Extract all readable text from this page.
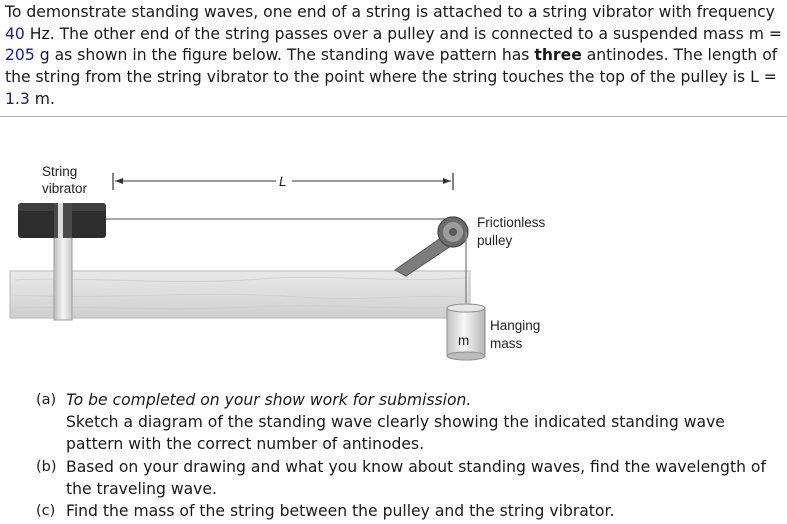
To demonstrate standing waves, one end of a string is attached to a string vibrator with frequency 40 Hz. The other end of the string passes over a pulley and is connected to a suspended mass m = 205 g as shown in the figure below. The standing wave pattern has three antinodes. The length of the string from the string vibrator to the point where the string touches the top of the pulley is L = 1.3 m.

m
L
String
vibrator
Frictionless
pulley
Hanging
mass
(a) To be completed on your show work for submission.
Sketch a diagram of the standing wave clearly showing the indicated standing wave pattern with the correct number of antinodes.
(b) Based on your drawing and what you know about standing waves, find the wavelength of the traveling wave.
(c) Find the mass of the string between the pulley and the string vibrator.
